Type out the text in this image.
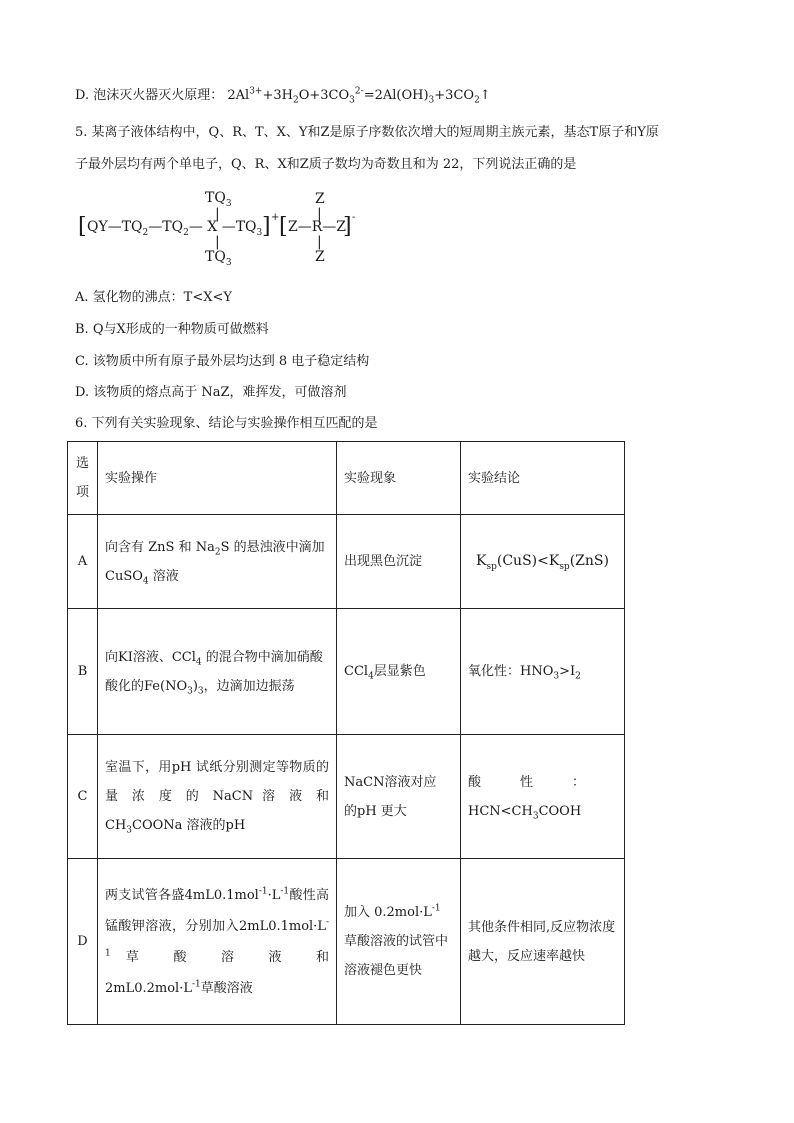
D. 泡沫灭火器灭火原理： $2Al^{3+}+3H_2O+3CO_3^{2-}=2Al(OH)_3+3CO_2↑$
5. 某离子液体结构中，Q、R、T、X、Y和Z是原子序数依次增大的短周期主族元素，基态T原子和Y原
子最外层均有两个单电子，Q、R、X和Z质子数均为奇数且和为 22，下列说法正确的是
[
$TQ_3$
|
$QY—TQ_2—TQ_2—$ X $—TQ_3$
|
$TQ_3$
] + [
Z
|
Z—R—Z
|
Z
] -
A. 氢化物的沸点：T<X<Y
B. Q与X形成的一种物质可做燃料
C. 该物质中所有原子最外层均达到 8 电子稳定结构
D. 该物质的熔点高于 NaZ，难挥发，可做溶剂
6. 下列有关实验现象、结论与实验操作相互匹配的是
选项	实验操作	实验现象	实验结论
A	向含有 ZnS 和 $Na_2S$ 的悬浊液中滴加 CuSO$_4$ 溶液	出现黑色沉淀	$K_{sp}(CuS)<K_{sp}(ZnS)$
B	向KI溶液、CCl$_4$ 的混合物中滴加硝酸酸化的$Fe(NO_3)_3$，边滴加边振荡	CCl$_4$层显紫色	氧化性：$HNO_3>I_2$
C	室温下，用pH 试纸分别测定等物质的 量 浓 度 的 NaCN 溶 液 和
$CH_3COONa$ 溶液的pH	NaCN溶液对应
的pH 更大	酸　　　性　　　：
$HCN<CH_3COOH$
D	两支试管各盛$4mL0.1mol^{-1}\cdot L^{-1}$酸性高锰酸钾溶液，分别加入$2mL0.1mol\cdot L^{-1}$草 酸 溶 液 和
$2mL0.2mol\cdot L^{-1}$草酸溶液	加入 $0.2mol\cdot L^{-1}$ 草酸溶液的试管中溶液褪色更快	其他条件相同,反应物浓度越大，反应速率越快
